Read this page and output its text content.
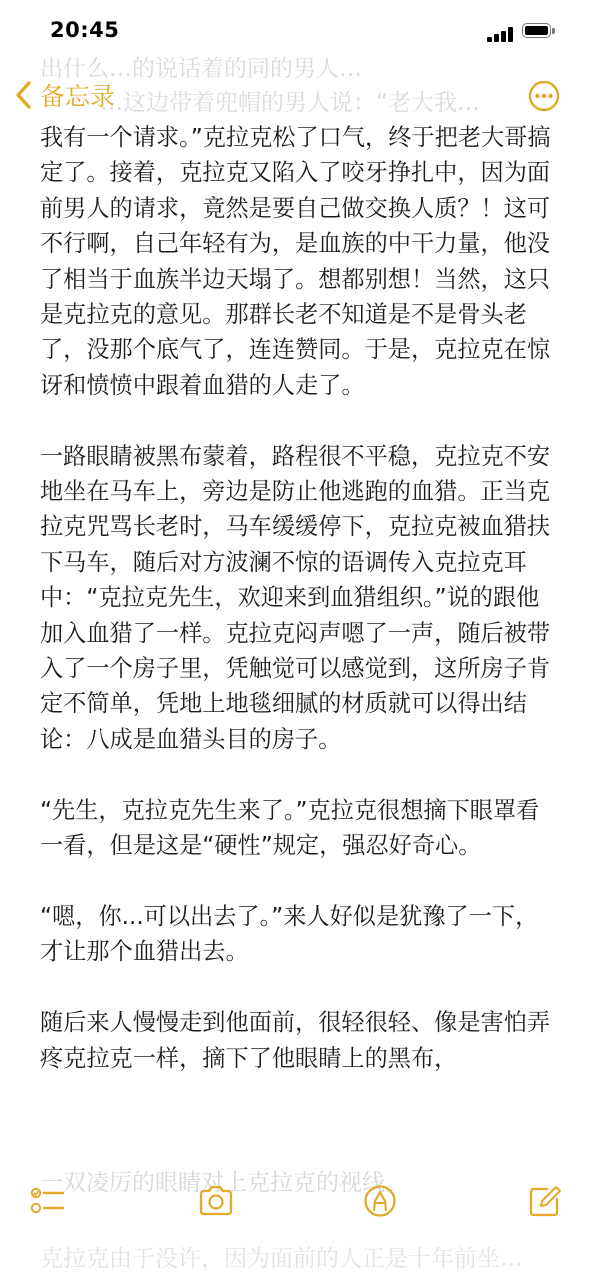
20:45
出什么…的说话着的同的男人…
…这边带着兜帽的男人说：“老大我…
备忘录

我有一个请求。”克拉克松了口气，终于把老大哥搞定了。接着，克拉克又陷入了咬牙挣扎中，因为面前男人的请求，竟然是要自己做交换人质？！这可不行啊，自己年轻有为，是血族的中干力量，他没了相当于血族半边天塌了。想都别想！当然，这只是克拉克的意见。那群长老不知道是不是骨头老了，没那个底气了，连连赞同。于是，克拉克在惊讶和愤愤中跟着血猎的人走了。

一路眼睛被黑布蒙着，路程很不平稳，克拉克不安地坐在马车上，旁边是防止他逃跑的血猎。正当克拉克咒骂长老时，马车缓缓停下，克拉克被血猎扶下马车，随后对方波澜不惊的语调传入克拉克耳中：“克拉克先生，欢迎来到血猎组织。”说的跟他加入血猎了一样。克拉克闷声嗯了一声，随后被带入了一个房子里，凭触觉可以感觉到，这所房子肯定不简单，凭地上地毯细腻的材质就可以得出结论：八成是血猎头目的房子。

“先生，克拉克先生来了。”克拉克很想摘下眼罩看一看，但是这是“硬性”规定，强忍好奇心。

“嗯，你...可以出去了。”来人好似是犹豫了一下，才让那个血猎出去。

随后来人慢慢走到他面前，很轻很轻、像是害怕弄疼克拉克一样，摘下了他眼睛上的黑布，

一双凌厉的眼睛对上克拉克的视线。
克拉克由于没许，因为面前的人正是十年前坐…
